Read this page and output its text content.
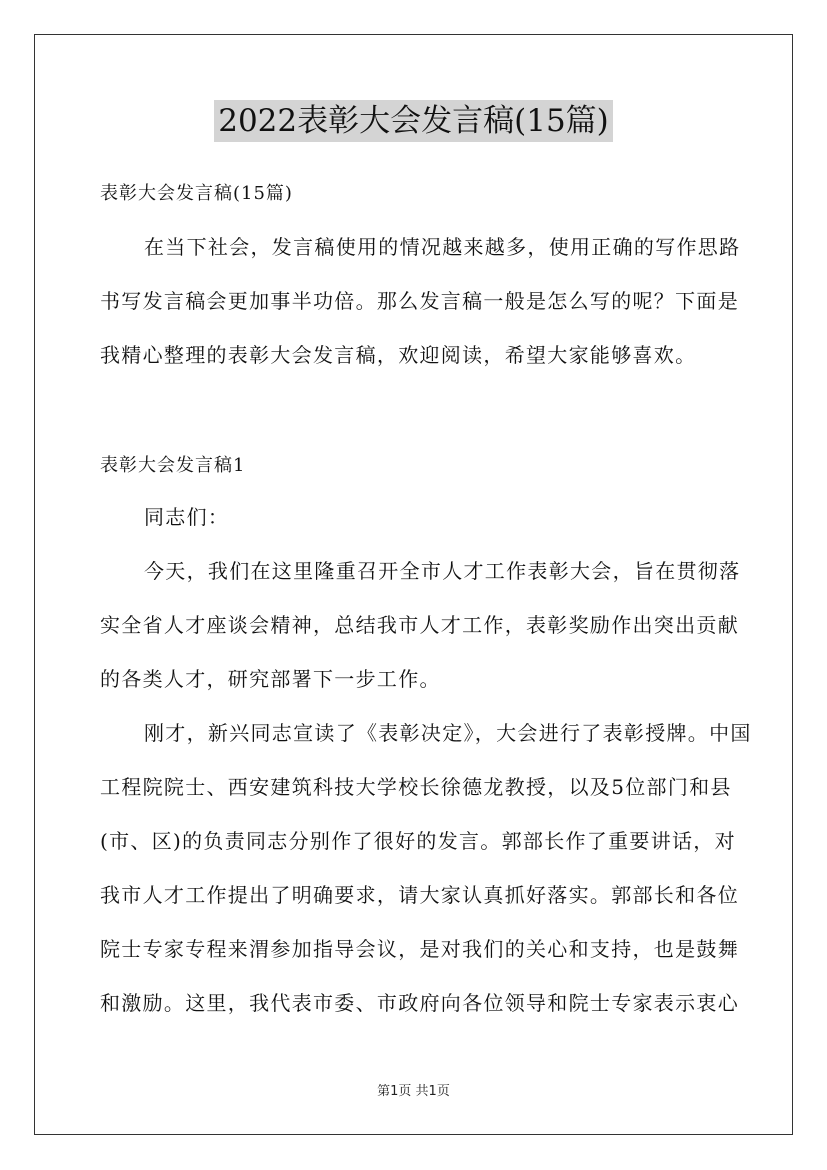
2022表彰大会发言稿(15篇)
表彰大会发言稿(15篇)
在当下社会，发言稿使用的情况越来越多，使用正确的写作思路
书写发言稿会更加事半功倍。那么发言稿一般是怎么写的呢？下面是
我精心整理的表彰大会发言稿，欢迎阅读，希望大家能够喜欢。
表彰大会发言稿1
同志们：
今天，我们在这里隆重召开全市人才工作表彰大会，旨在贯彻落
实全省人才座谈会精神，总结我市人才工作，表彰奖励作出突出贡献
的各类人才，研究部署下一步工作。
刚才，新兴同志宣读了《表彰决定》，大会进行了表彰授牌。中国
工程院院士、西安建筑科技大学校长徐德龙教授，以及5位部门和县
(市、区)的负责同志分别作了很好的发言。郭部长作了重要讲话，对
我市人才工作提出了明确要求，请大家认真抓好落实。郭部长和各位
院士专家专程来渭参加指导会议，是对我们的关心和支持，也是鼓舞
和激励。这里，我代表市委、市政府向各位领导和院士专家表示衷心
第1页 共1页
